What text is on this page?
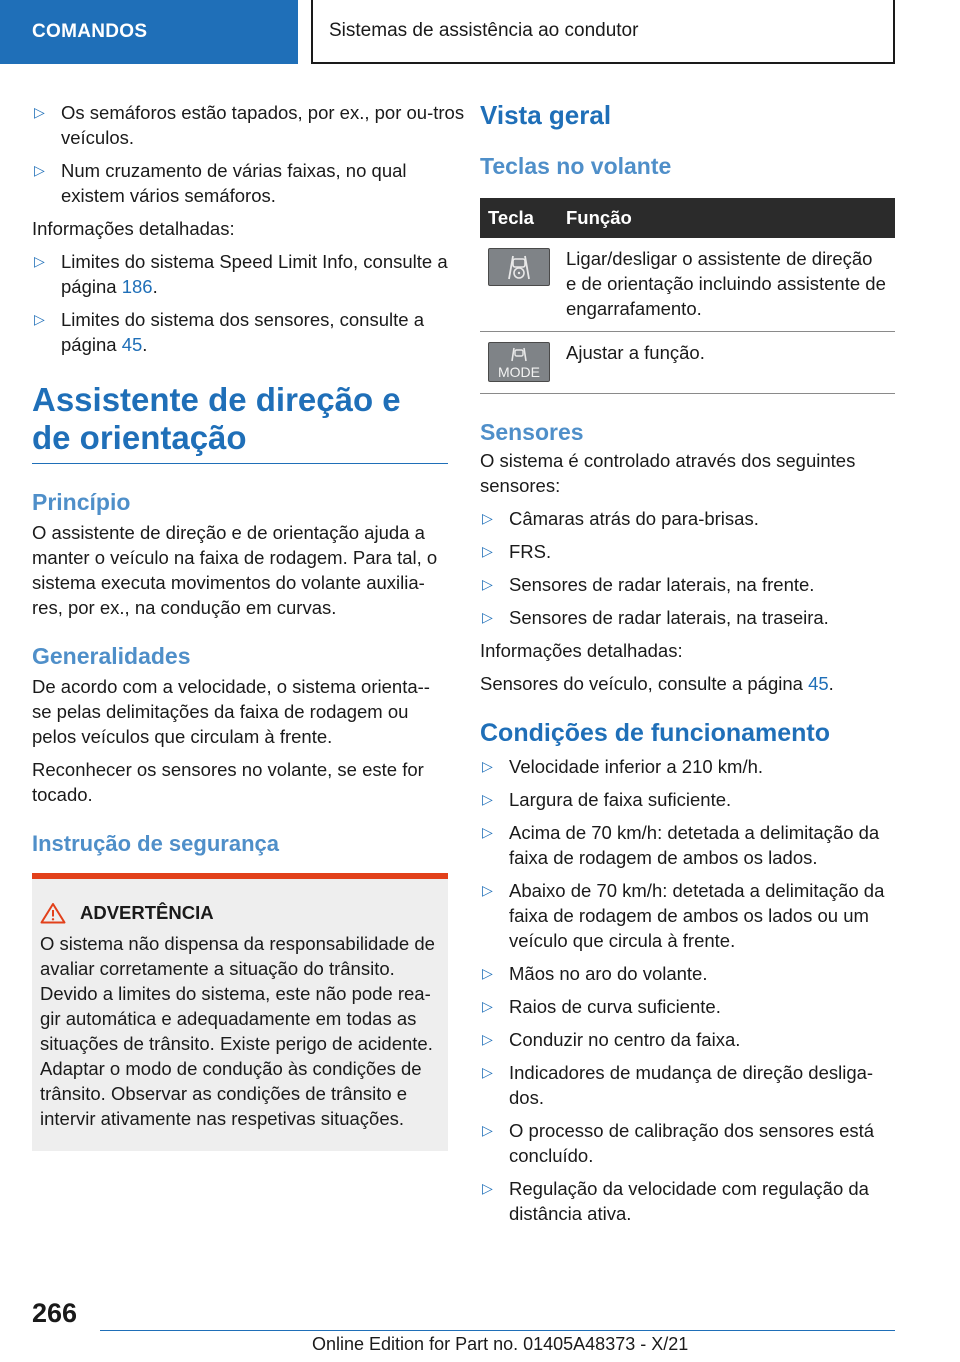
COMANDOS	Sistemas de assistência ao condutor
▷ Os semáforos estão tapados, por ex., por ou-tros veículos.
▷ Num cruzamento de várias faixas, no qual existem vários semáforos.

Informações detalhadas:

▷ Limites do sistema Speed Limit Info, consulte a página 186.
▷ Limites do sistema dos sensores, consulte a página 45.
Assistente de direção e de orientação
Princípio

O assistente de direção e de orientação ajuda a manter o veículo na faixa de rodagem. Para tal, o sistema executa movimentos do volante auxilia-res, por ex., na condução em curvas.

Generalidades

De acordo com a velocidade, o sistema orienta--se pelas delimitações da faixa de rodagem ou pelos veículos que circulam à frente.

Reconhecer os sensores no volante, se este for tocado.

Instrução de segurança
ADVERTÊNCIA

O sistema não dispensa da responsabilidade de avaliar corretamente a situação do trânsito. Devido a limites do sistema, este não pode rea-gir automática e adequadamente em todas as situações de trânsito. Existe perigo de acidente. Adaptar o modo de condução às condições de trânsito. Observar as condições de trânsito e intervir ativamente nas respetivas situações.

Vista geral
Teclas no volante
Tecla	Função

	Ligar/desligar o assistente de direção e de orientação incluindo assistente de engarrafamento.

MODE	Ajustar a função.
Sensores

O sistema é controlado através dos seguintes sensores:

▷ Câmaras atrás do para-brisas.
▷ FRS.
▷ Sensores de radar laterais, na frente.
▷ Sensores de radar laterais, na traseira.

Informações detalhadas:

Sensores do veículo, consulte a página 45.

Condições de funcionamento
▷ Velocidade inferior a 210 km/h.
▷ Largura de faixa suficiente.
▷ Acima de 70 km/h: detetada a delimitação da faixa de rodagem de ambos os lados.
▷ Abaixo de 70 km/h: detetada a delimitação da faixa de rodagem de ambos os lados ou um veículo que circula à frente.
▷ Mãos no aro do volante.
▷ Raios de curva suficiente.
▷ Conduzir no centro da faixa.
▷ Indicadores de mudança de direção desliga-dos.
▷ O processo de calibração dos sensores está concluído.
▷ Regulação da velocidade com regulação da distância ativa.
266
Online Edition for Part no. 01405A48373 - X/21
